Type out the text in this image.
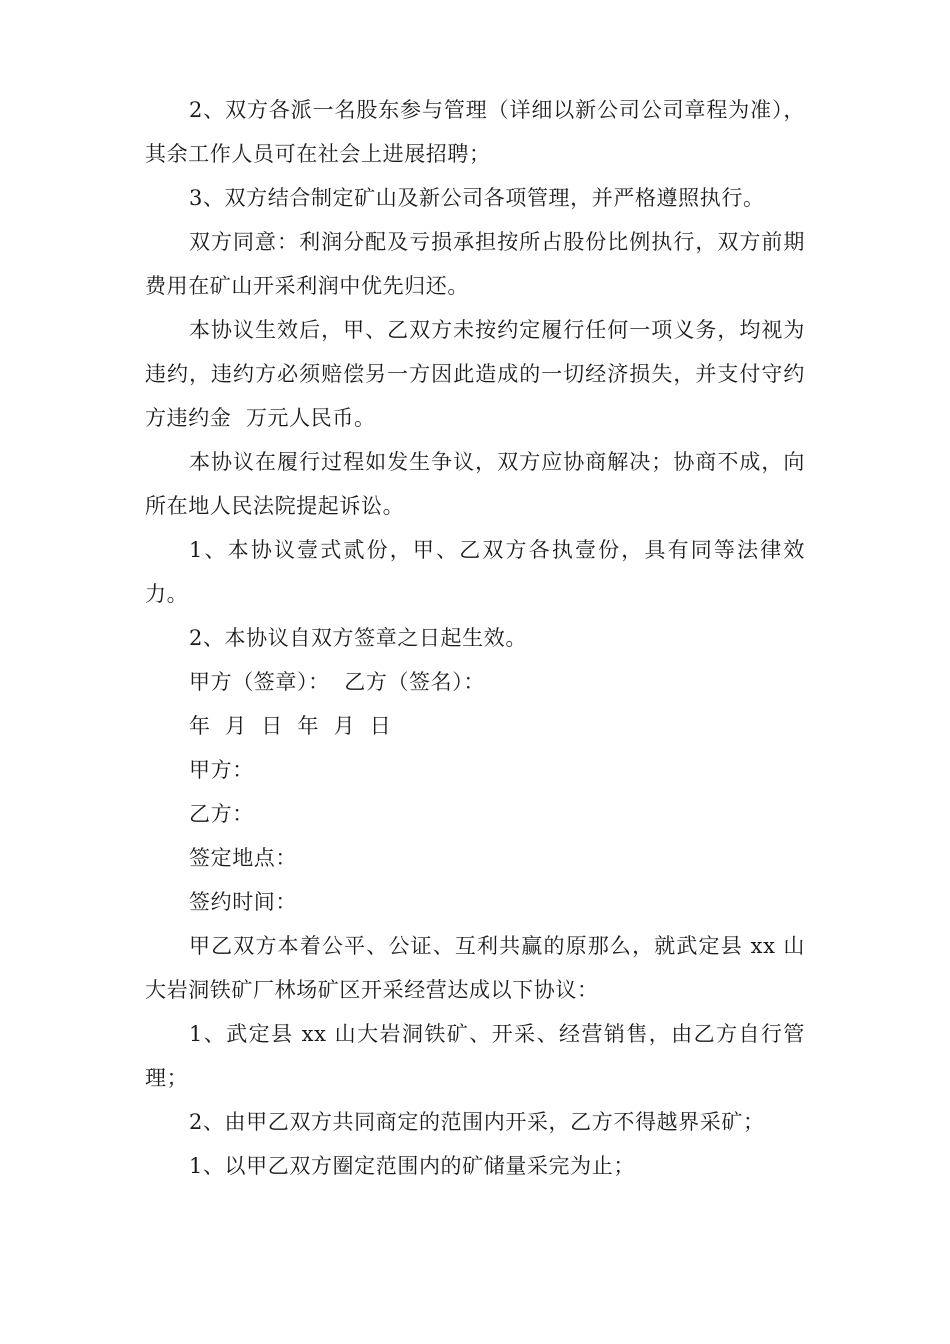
2、双方各派一名股东参与管理（详细以新公司公司章程为准），其余工作人员可在社会上进展招聘；

3、双方结合制定矿山及新公司各项管理，并严格遵照执行。

双方同意：利润分配及亏损承担按所占股份比例执行，双方前期费用在矿山开采利润中优先归还。

本协议生效后，甲、乙双方未按约定履行任何一项义务，均视为违约，违约方必须赔偿另一方因此造成的一切经济损失，并支付守约方违约金  万元人民币。

本协议在履行过程如发生争议，双方应协商解决；协商不成，向  所在地人民法院提起诉讼。

1、本协议壹式贰份，甲、乙双方各执壹份，具有同等法律效力。

2、本协议自双方签章之日起生效。

甲方（签章）：  乙方（签名）：

年  月  日  年  月  日

甲方：

乙方：

签定地点：

签约时间：

甲乙双方本着公平、公证、互利共赢的原那么，就武定县 xx 山大岩洞铁矿厂林场矿区开采经营达成以下协议：

1、武定县 xx 山大岩洞铁矿、开采、经营销售，由乙方自行管理；

2、由甲乙双方共同商定的范围内开采，乙方不得越界采矿；

1、以甲乙双方圈定范围内的矿储量采完为止；
